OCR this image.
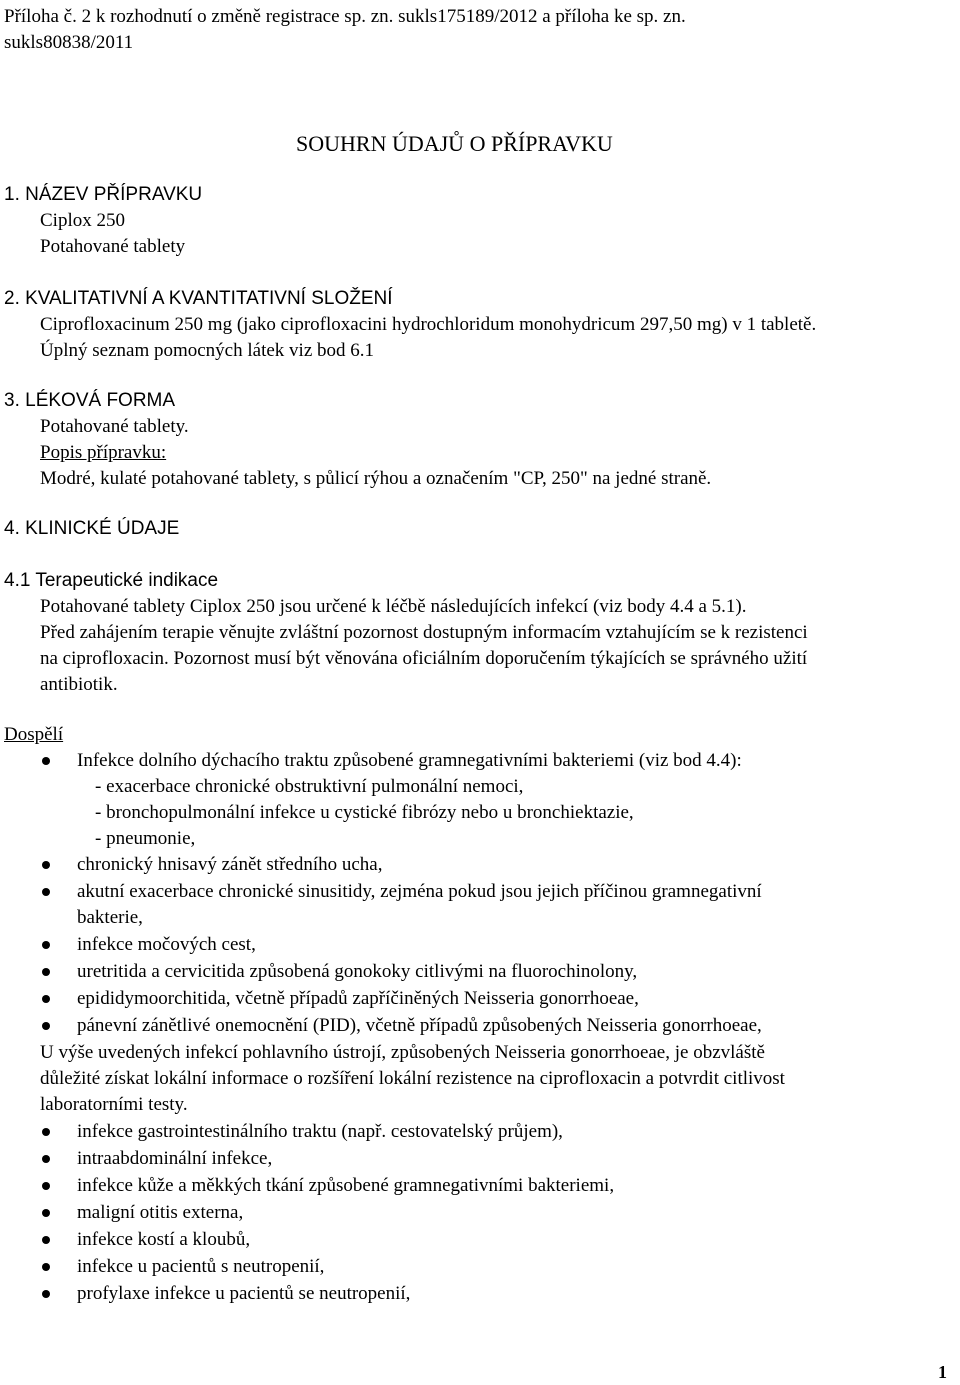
Příloha č. 2 k rozhodnutí o změně registrace sp. zn. sukls175189/2012 a příloha ke sp. zn.
sukls80838/2011
SOUHRN ÚDAJŮ O PŘÍPRAVKU
1. NÁZEV PŘÍPRAVKU
Ciplox 250
Potahované tablety
2. KVALITATIVNÍ A KVANTITATIVNÍ SLOŽENÍ
Ciprofloxacinum 250 mg (jako ciprofloxacini hydrochloridum monohydricum 297,50 mg) v 1 tabletě.
Úplný seznam pomocných látek viz bod 6.1
3. LÉKOVÁ FORMA
Potahované tablety.
Popis přípravku:
Modré, kulaté potahované tablety, s půlicí rýhou a označením "CP, 250" na jedné straně.
4. KLINICKÉ ÚDAJE
4.1 Terapeutické indikace
Potahované tablety Ciplox 250 jsou určené k léčbě následujících infekcí (viz body 4.4 a 5.1).
Před zahájením terapie věnujte zvláštní pozornost dostupným informacím vztahujícím se k rezistenci
na ciprofloxacin. Pozornost musí být věnována oficiálním doporučením týkajících se správného užití
antibiotik.
Dospělí
Infekce dolního dýchacího traktu způsobené gramnegativními bakteriemi (viz bod 4.4):
- exacerbace chronické obstruktivní pulmonální nemoci,
- bronchopulmonální infekce u cystické fibrózy nebo u bronchiektazie,
- pneumonie,
chronický hnisavý zánět středního ucha,
akutní exacerbace chronické sinusitidy, zejména pokud jsou jejich příčinou gramnegativní
bakterie,
infekce močových cest,
uretritida a cervicitida způsobená gonokoky citlivými na fluorochinolony,
epididymoorchitida, včetně případů zapříčiněných Neisseria gonorrhoeae,
pánevní zánětlivé onemocnění (PID), včetně případů způsobených Neisseria gonorrhoeae,
U výše uvedených infekcí pohlavního ústrojí, způsobených Neisseria gonorrhoeae, je obzvláště
důležité získat lokální informace o rozšíření lokální rezistence na ciprofloxacin a potvrdit citlivost
laboratorními testy.
infekce gastrointestinálního traktu (např. cestovatelský průjem),
intraabdominální infekce,
infekce kůže a měkkých tkání způsobené gramnegativními bakteriemi,
maligní otitis externa,
infekce kostí a kloubů,
infekce u pacientů s neutropenií,
profylaxe infekce u pacientů se neutropenií,
1
